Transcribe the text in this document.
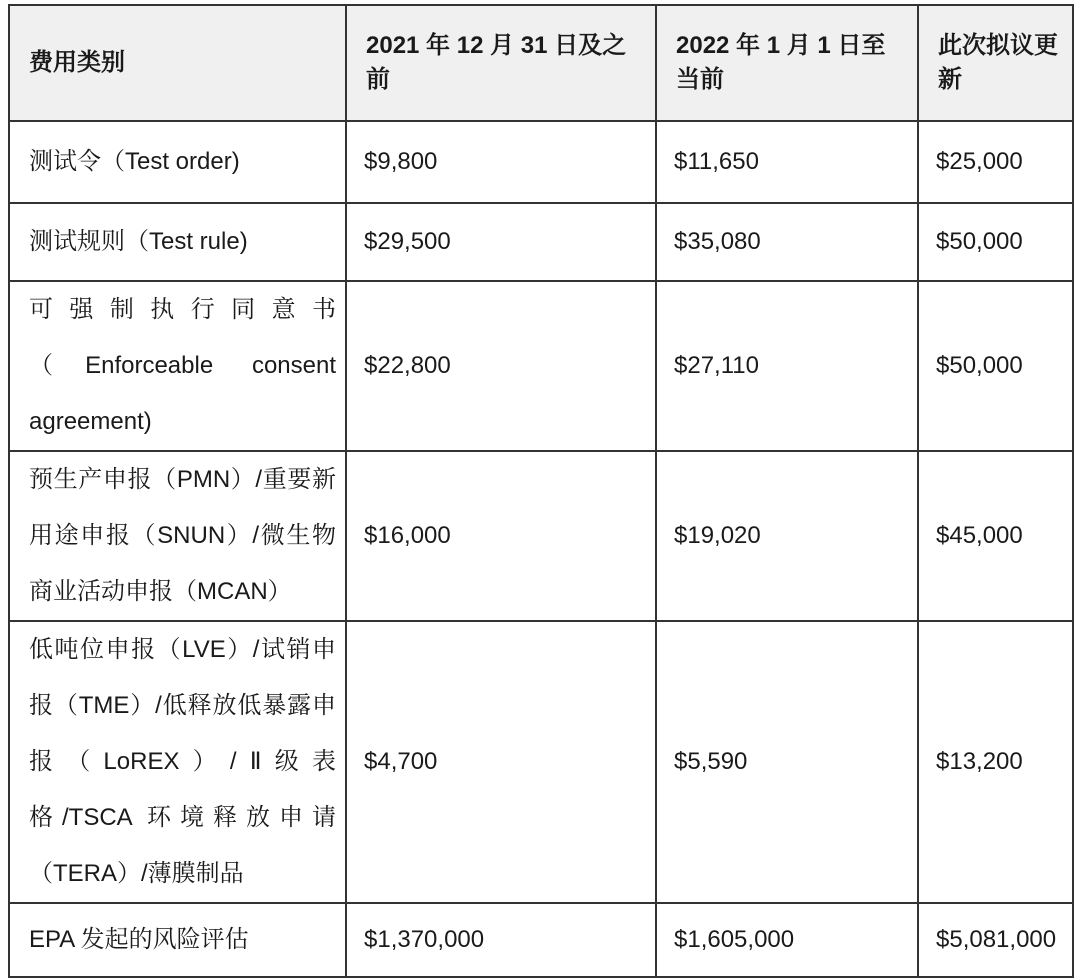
费用类别	2021 年 12 月 31 日及之前	2022 年 1 月 1 日至当前	此次拟议更新
测试令（Test order)	$9,800	$11,650	$25,000
测试规则（Test rule)	$29,500	$35,080	$50,000
可强制执行同意书（Enforceable consent agreement)	$22,800	$27,110	$50,000
预生产申报（PMN）/重要新用途申报（SNUN）/微生物商业活动申报（MCAN）	$16,000	$19,020	$45,000
低吨位申报（LVE）/试销申报（TME）/低释放低暴露申报（LoREX）/Ⅱ级表格/TSCA 环境释放申请（TERA）/薄膜制品	$4,700	$5,590	$13,200
EPA 发起的风险评估	$1,370,000	$1,605,000	$5,081,000
